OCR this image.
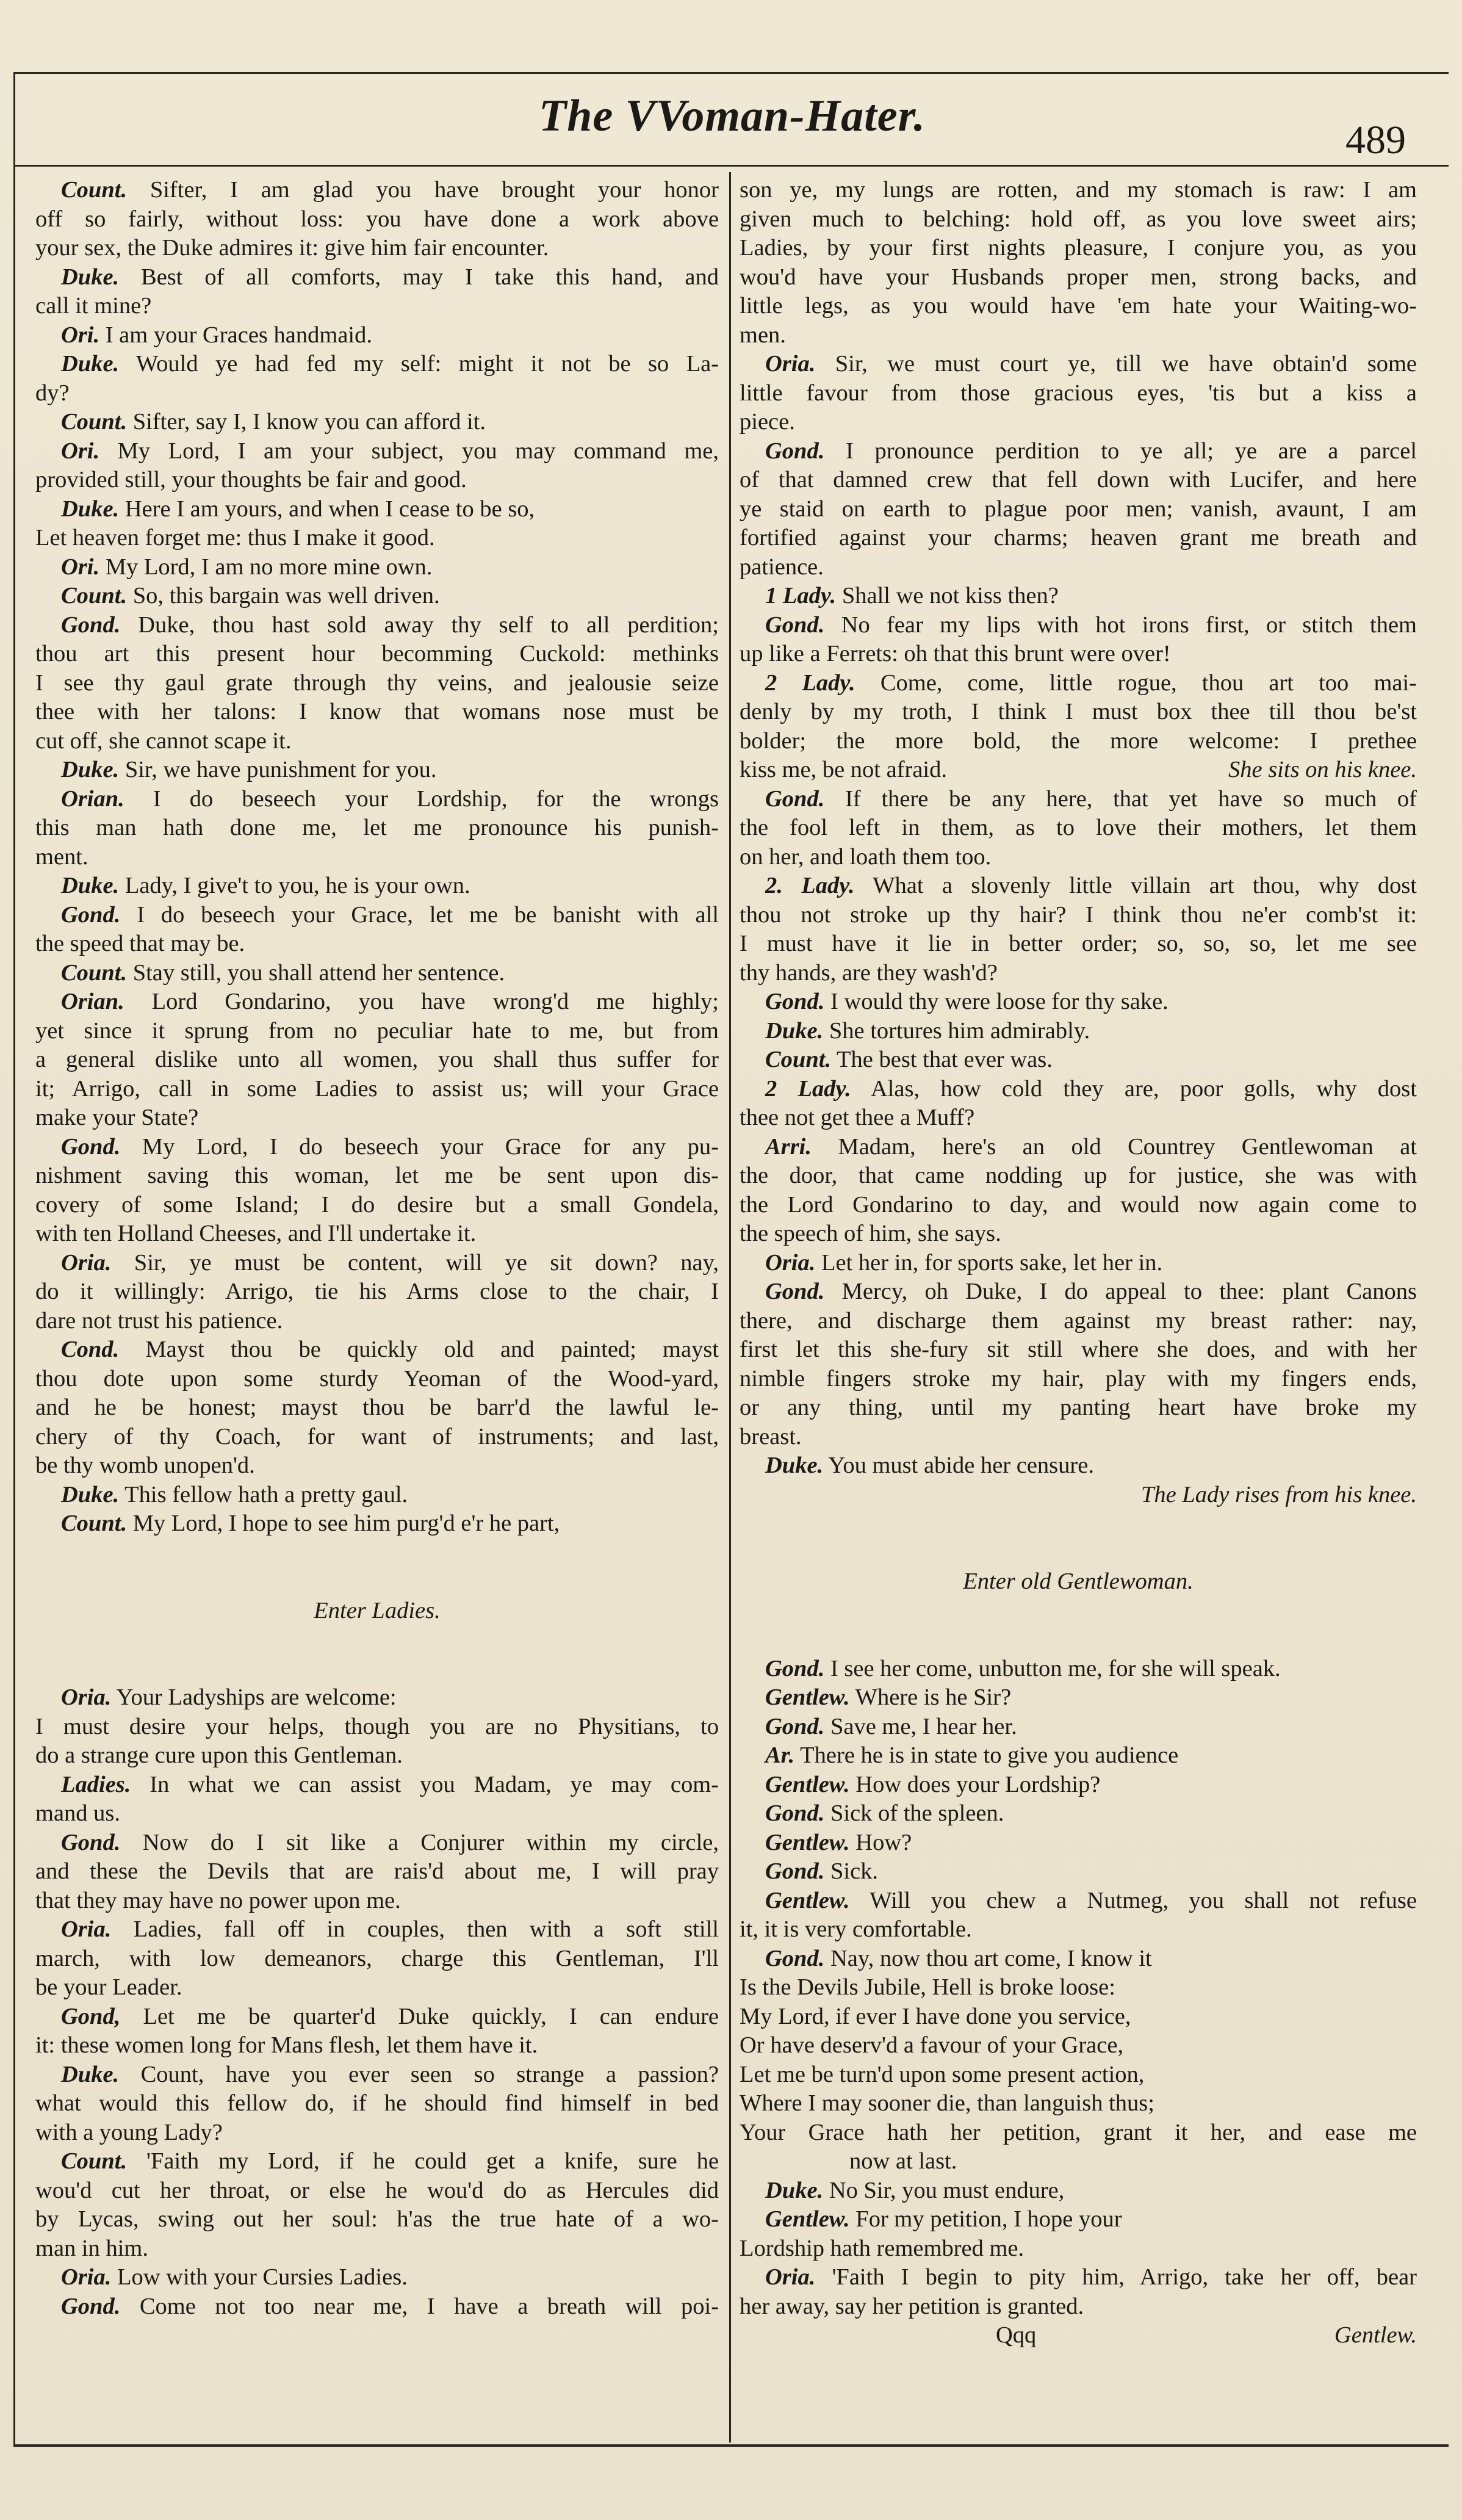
The VVoman-Hater.	489
Count. Sifter, I am glad you have brought your honor
off so fairly, without loss: you have done a work above
your sex, the Duke admires it: give him fair encounter.
Duke. Best of all comforts, may I take this hand, and
call it mine?
Ori. I am your Graces handmaid.
Duke. Would ye had fed my self: might it not be so La-
dy?
Count. Sifter, say I, I know you can afford it.
Ori. My Lord, I am your subject, you may command me,
provided still, your thoughts be fair and good.
Duke. Here I am yours, and when I cease to be so,
Let heaven forget me: thus I make it good.
Ori. My Lord, I am no more mine own.
Count. So, this bargain was well driven.
Gond. Duke, thou hast sold away thy self to all perdition;
thou art this present hour becomming Cuckold: methinks
I see thy gaul grate through thy veins, and jealousie seize
thee with her talons: I know that womans nose must be
cut off, she cannot scape it.
Duke. Sir, we have punishment for you.
Orian. I do beseech your Lordship, for the wrongs
this man hath done me, let me pronounce his punish-
ment.
Duke. Lady, I give't to you, he is your own.
Gond. I do beseech your Grace, let me be banisht with all
the speed that may be.
Count. Stay still, you shall attend her sentence.
Orian. Lord Gondarino, you have wrong'd me highly;
yet since it sprung from no peculiar hate to me, but from
a general dislike unto all women, you shall thus suffer for
it; Arrigo, call in some Ladies to assist us; will your Grace
make your State?
Gond. My Lord, I do beseech your Grace for any pu-
nishment saving this woman, let me be sent upon dis-
covery of some Island; I do desire but a small Gondela,
with ten Holland Cheeses, and I'll undertake it.
Oria. Sir, ye must be content, will ye sit down? nay,
do it willingly: Arrigo, tie his Arms close to the chair, I
dare not trust his patience.
Cond. Mayst thou be quickly old and painted; mayst
thou dote upon some sturdy Yeoman of the Wood-yard,
and he be honest; mayst thou be barr'd the lawful le-
chery of thy Coach, for want of instruments; and last,
be thy womb unopen'd.
Duke. This fellow hath a pretty gaul.
Count. My Lord, I hope to see him purg'd e'r he part,
Enter Ladies.
Oria. Your Ladyships are welcome:
I must desire your helps, though you are no Physitians, to
do a strange cure upon this Gentleman.
Ladies. In what we can assist you Madam, ye may com-
mand us.
Gond. Now do I sit like a Conjurer within my circle,
and these the Devils that are rais'd about me, I will pray
that they may have no power upon me.
Oria. Ladies, fall off in couples, then with a soft still
march, with low demeanors, charge this Gentleman, I'll
be your Leader.
Gond, Let me be quarter'd Duke quickly, I can endure
it: these women long for Mans flesh, let them have it.
Duke. Count, have you ever seen so strange a passion?
what would this fellow do, if he should find himself in bed
with a young Lady?
Count. 'Faith my Lord, if he could get a knife, sure he
wou'd cut her throat, or else he wou'd do as Hercules did
by Lycas, swing out her soul: h'as the true hate of a wo-
man in him.
Oria. Low with your Cursies Ladies.
Gond. Come not too near me, I have a breath will poi-
son ye, my lungs are rotten, and my stomach is raw: I am
given much to belching: hold off, as you love sweet airs;
Ladies, by your first nights pleasure, I conjure you, as you
wou'd have your Husbands proper men, strong backs, and
little legs, as you would have 'em hate your Waiting-wo-
men.
Oria. Sir, we must court ye, till we have obtain'd some
little favour from those gracious eyes, 'tis but a kiss a
piece.
Gond. I pronounce perdition to ye all; ye are a parcel
of that damned crew that fell down with Lucifer, and here
ye staid on earth to plague poor men; vanish, avaunt, I am
fortified against your charms; heaven grant me breath and
patience.
1 Lady. Shall we not kiss then?
Gond. No fear my lips with hot irons first, or stitch them
up like a Ferrets: oh that this brunt were over!
2 Lady. Come, come, little rogue, thou art too mai-
denly by my troth, I think I must box thee till thou be'st
bolder; the more bold, the more welcome: I prethee
kiss me, be not afraid.	She sits on his knee.
Gond. If there be any here, that yet have so much of
the fool left in them, as to love their mothers, let them
on her, and loath them too.
2. Lady. What a slovenly little villain art thou, why dost
thou not stroke up thy hair? I think thou ne'er comb'st it:
I must have it lie in better order; so, so, so, let me see
thy hands, are they wash'd?
Gond. I would thy were loose for thy sake.
Duke. She tortures him admirably.
Count. The best that ever was.
2 Lady. Alas, how cold they are, poor golls, why dost
thee not get thee a Muff?
Arri. Madam, here's an old Countrey Gentlewoman at
the door, that came nodding up for justice, she was with
the Lord Gondarino to day, and would now again come to
the speech of him, she says.
Oria. Let her in, for sports sake, let her in.
Gond. Mercy, oh Duke, I do appeal to thee: plant Canons
there, and discharge them against my breast rather: nay,
first let this she-fury sit still where she does, and with her
nimble fingers stroke my hair, play with my fingers ends,
or any thing, until my panting heart have broke my
breast.
Duke. You must abide her censure.
The Lady rises from his knee.
Enter old Gentlewoman.
Gond. I see her come, unbutton me, for she will speak.
Gentlew. Where is he Sir?
Gond. Save me, I hear her.
Ar. There he is in state to give you audience
Gentlew. How does your Lordship?
Gond. Sick of the spleen.
Gentlew. How?
Gond. Sick.
Gentlew. Will you chew a Nutmeg, you shall not refuse
it, it is very comfortable.
Gond. Nay, now thou art come, I know it
Is the Devils Jubile, Hell is broke loose:
My Lord, if ever I have done you service,
Or have deserv'd a favour of your Grace,
Let me be turn'd upon some present action,
Where I may sooner die, than languish thus;
Your Grace hath her petition, grant it her, and ease me
now at last.
Duke. No Sir, you must endure,
Gentlew. For my petition, I hope your
Lordship hath remembred me.
Oria. 'Faith I begin to pity him, Arrigo, take her off, bear
her away, say her petition is granted.
Qqq	Gentlew.
